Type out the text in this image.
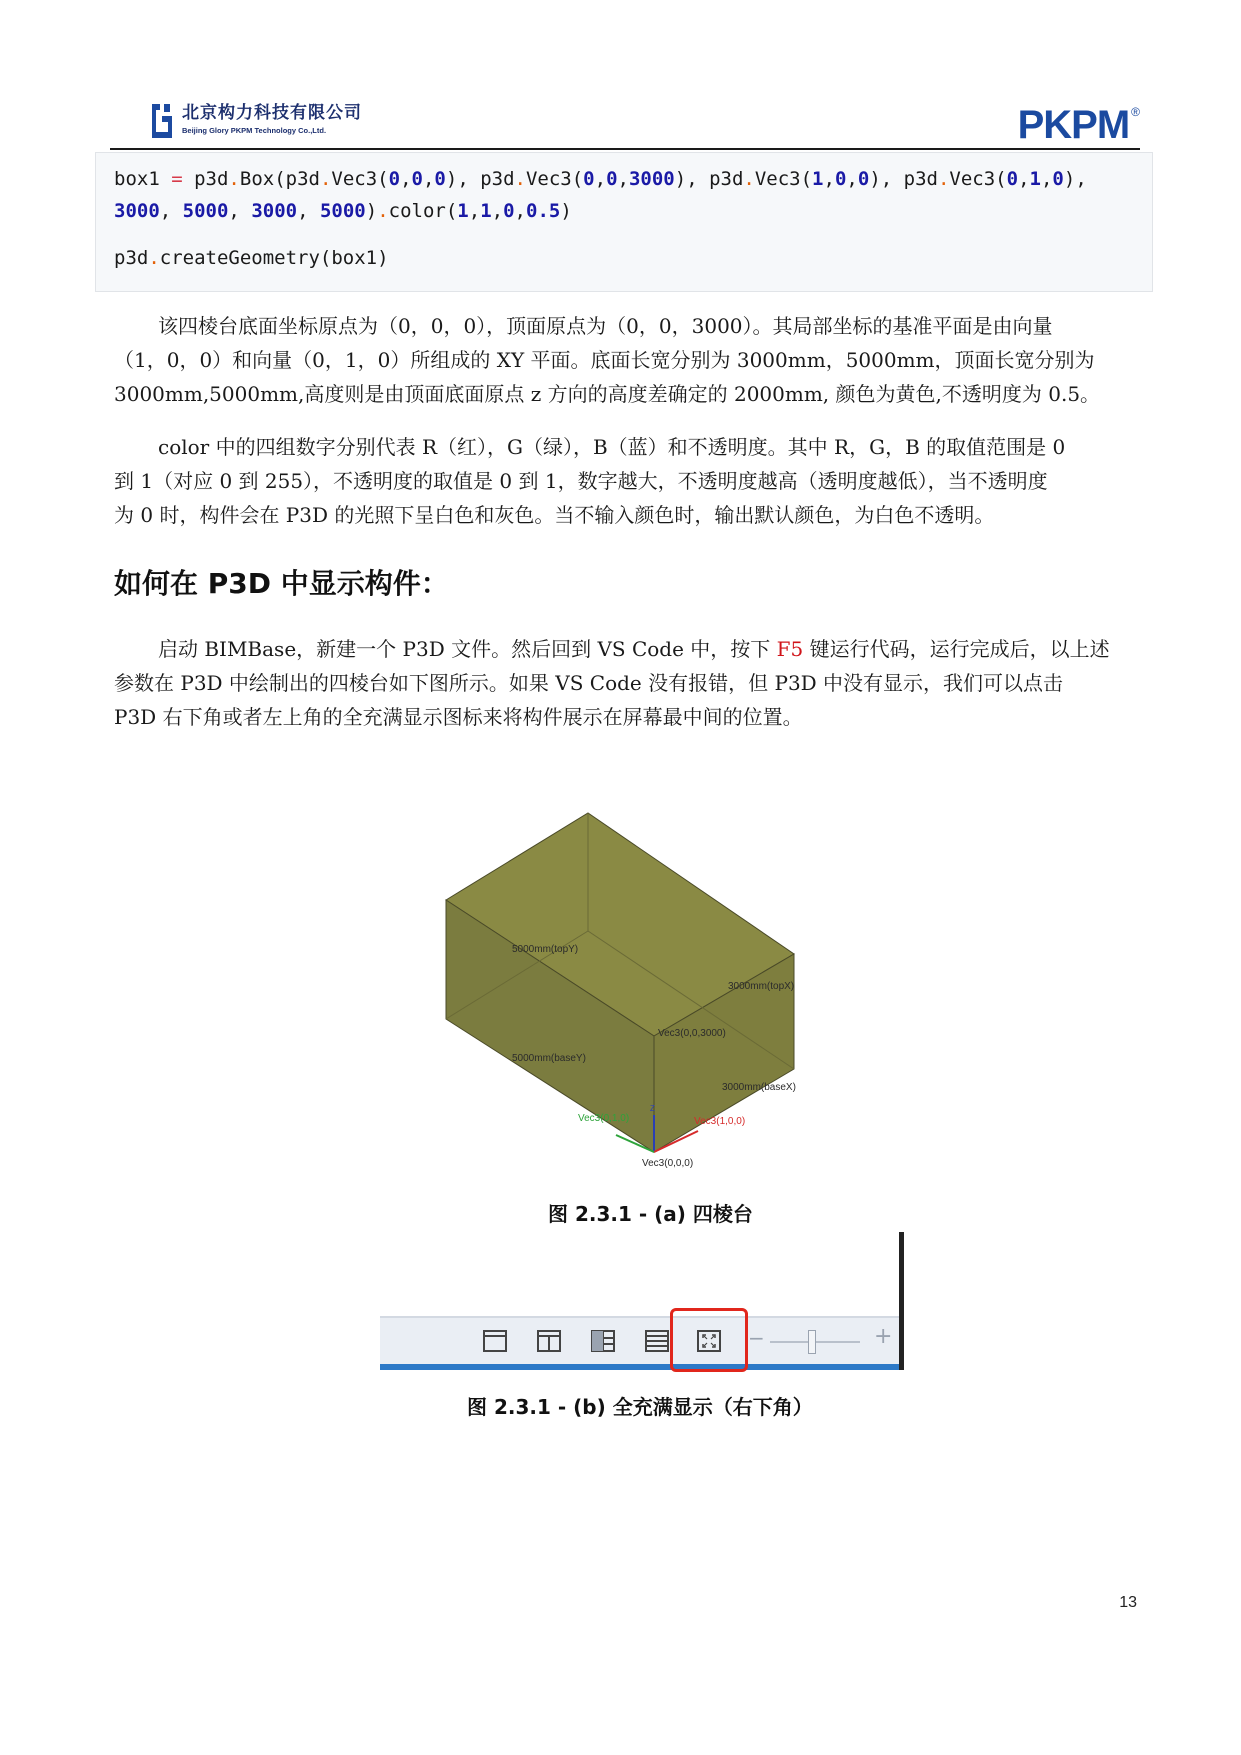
北京构力科技有限公司
Beijing Glory PKPM Technology Co.,Ltd.	PKPM ®
box1 = p3d.Box(p3d.Vec3(0,0,0), p3d.Vec3(0,0,3000), p3d.Vec3(1,0,0), p3d.Vec3(0,1,0),
3000, 5000, 3000, 5000).color(1,1,0,0.5)
p3d.createGeometry(box1)
该四棱台底面坐标原点为（0，0，0），顶面原点为（0，0，3000）。其局部坐标的基准平面是由向量
（1，0，0）和向量（0，1，0）所组成的 XY 平面。底面长宽分别为 3000mm，5000mm，顶面长宽分别为
3000mm,5000mm,高度则是由顶面底面原点 z 方向的高度差确定的 2000mm, 颜色为黄色,不透明度为 0.5。
color 中的四组数字分别代表 R（红），G（绿），B（蓝）和不透明度。其中 R，G，B 的取值范围是 0
到 1（对应 0 到 255），不透明度的取值是 0 到 1，数字越大，不透明度越高（透明度越低），当不透明度
为 0 时，构件会在 P3D 的光照下呈白色和灰色。当不输入颜色时，输出默认颜色，为白色不透明。
如何在 P3D 中显示构件：
启动 BIMBase，新建一个 P3D 文件。然后回到 VS Code 中，按下 F5 键运行代码，运行完成后，以上述
参数在 P3D 中绘制出的四棱台如下图所示。如果 VS Code 没有报错，但 P3D 中没有显示，我们可以点击
P3D 右下角或者左上角的全充满显示图标来将构件展示在屏幕最中间的位置。
5000mm(topY)
3000mm(topX)
Vec3(0,0,3000)
5000mm(baseY)
3000mm(baseX)
Vec3(0,1,0)	Vec3(1,0,0)
Z
Vec3(0,0,0)
图 2.3.1 - (a) 四棱台
−	+
图 2.3.1 - (b) 全充满显示（右下角）
13
